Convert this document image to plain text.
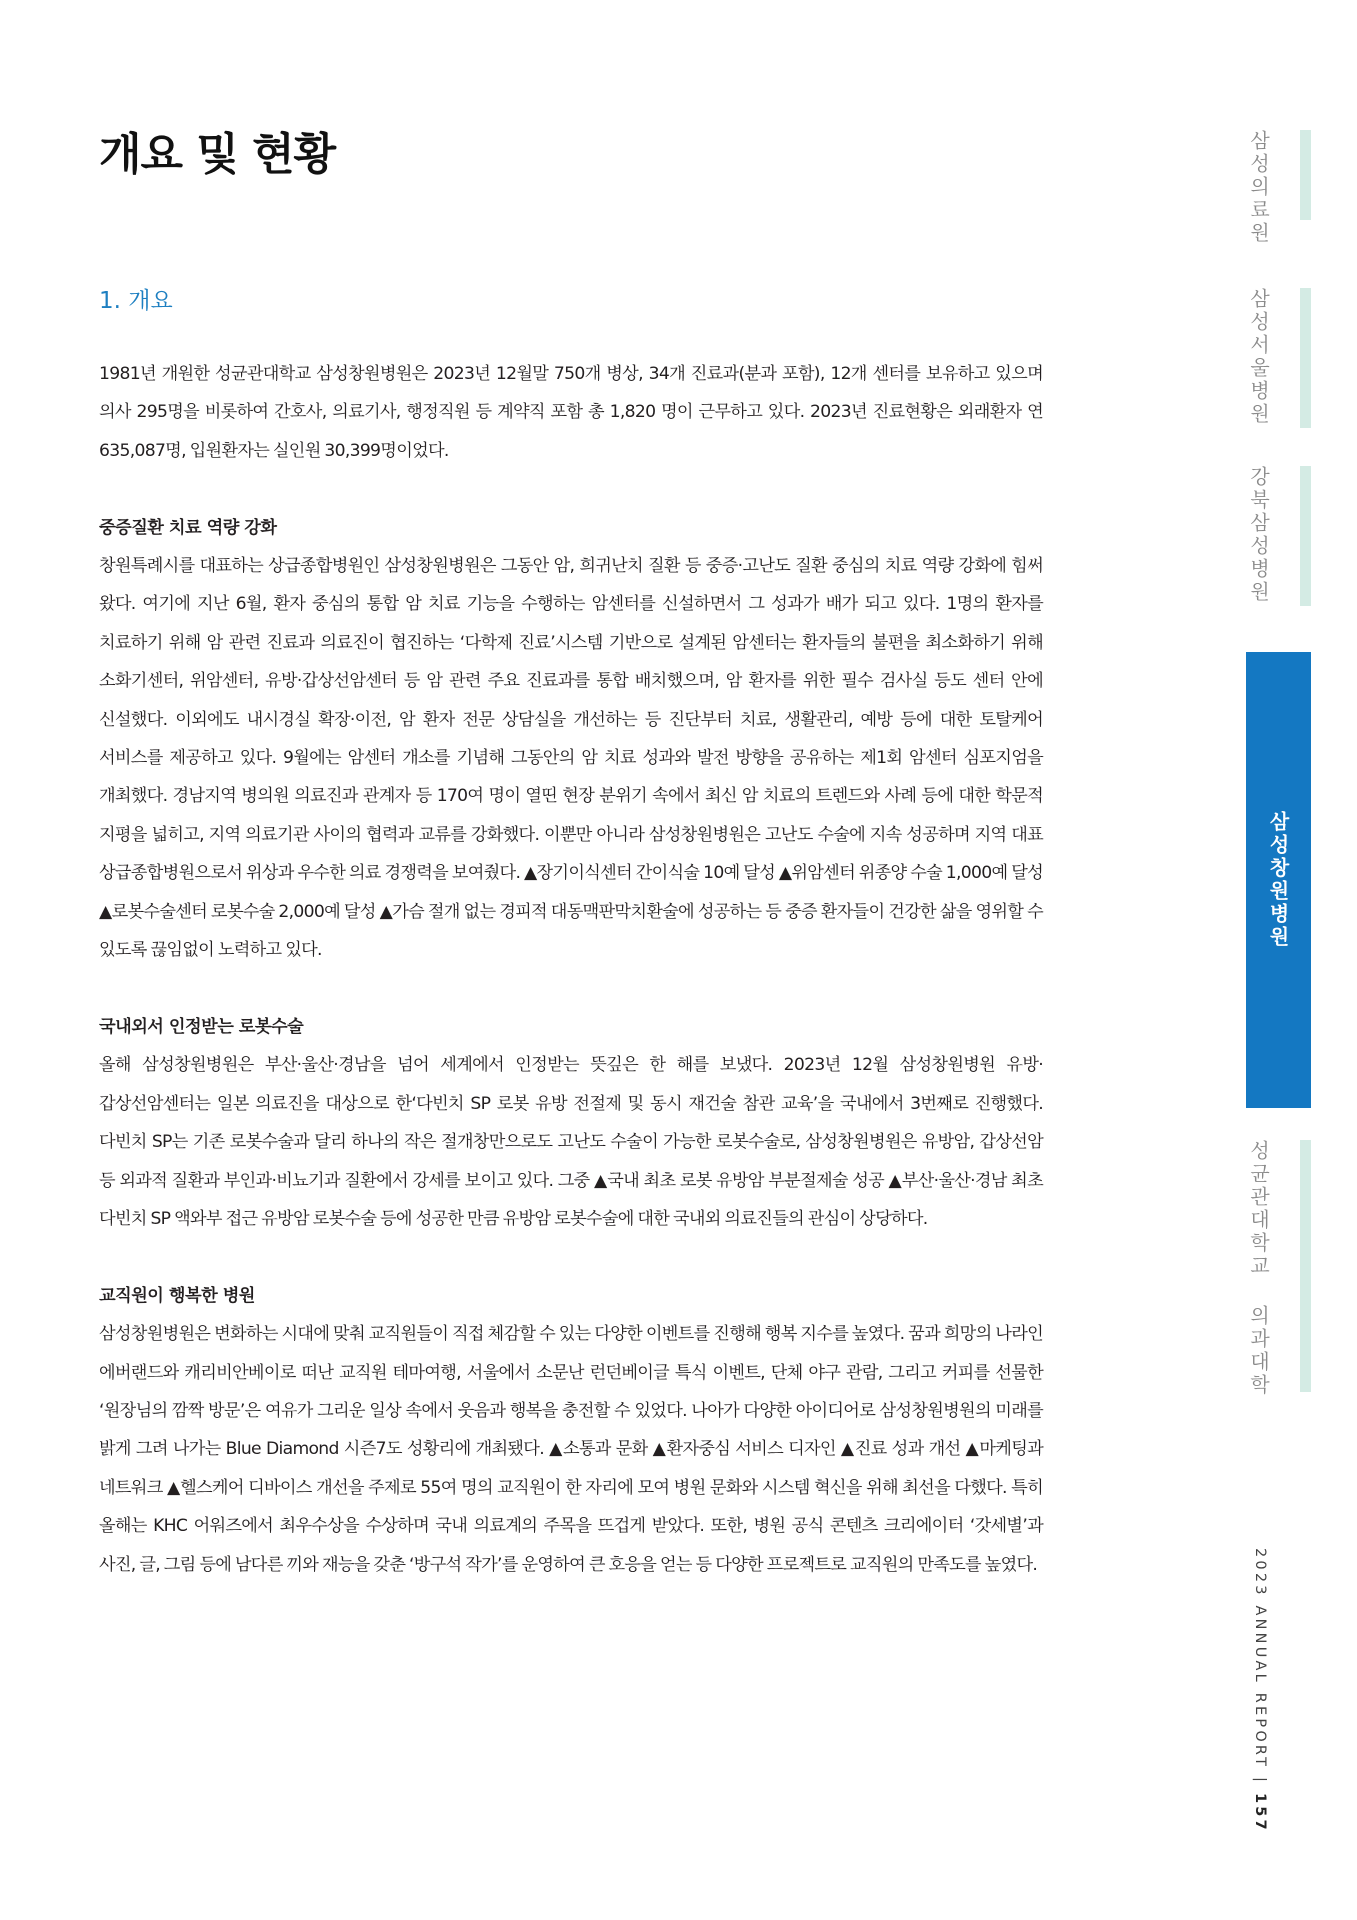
개요 및 현황
1. 개요

1981년 개원한 성균관대학교 삼성창원병원은 2023년 12월말 750개 병상, 34개 진료과(분과 포함), 12개 센터를 보유하고 있으며 의사 295명을 비롯하여 간호사, 의료기사, 행정직원 등 계약직 포함 총 1,820 명이 근무하고 있다. 2023년 진료현황은 외래환자 연 635,087명, 입원환자는 실인원 30,399명이었다.

중증질환 치료 역량 강화

창원특례시를 대표하는 상급종합병원인 삼성창원병원은 그동안 암, 희귀난치 질환 등 중증·고난도 질환 중심의 치료 역량 강화에 힘써 왔다. 여기에 지난 6월, 환자 중심의 통합 암 치료 기능을 수행하는 암센터를 신설하면서 그 성과가 배가 되고 있다. 1명의 환자를 치료하기 위해 암 관련 진료과 의료진이 협진하는 ‘다학제 진료’시스템 기반으로 설계된 암센터는 환자들의 불편을 최소화하기 위해 소화기센터, 위암센터, 유방·갑상선암센터 등 암 관련 주요 진료과를 통합 배치했으며, 암 환자를 위한 필수 검사실 등도 센터 안에 신설했다. 이외에도 내시경실 확장·이전, 암 환자 전문 상담실을 개선하는 등 진단부터 치료, 생활관리, 예방 등에 대한 토탈케어 서비스를 제공하고 있다. 9월에는 암센터 개소를 기념해 그동안의 암 치료 성과와 발전 방향을 공유하는 제1회 암센터 심포지엄을 개최했다. 경남지역 병의원 의료진과 관계자 등 170여 명이 열띤 현장 분위기 속에서 최신 암 치료의 트렌드와 사례 등에 대한 학문적 지평을 넓히고, 지역 의료기관 사이의 협력과 교류를 강화했다. 이뿐만 아니라 삼성창원병원은 고난도 수술에 지속 성공하며 지역 대표 상급종합병원으로서 위상과 우수한 의료 경쟁력을 보여줬다. ▲장기이식센터 간이식술 10예 달성 ▲위암센터 위종양 수술 1,000예 달성 ▲로봇수술센터 로봇수술 2,000예 달성 ▲가슴 절개 없는 경피적 대동맥판막치환술에 성공하는 등 중증 환자들이 건강한 삶을 영위할 수 있도록 끊임없이 노력하고 있다.

국내외서 인정받는 로봇수술

올해 삼성창원병원은 부산·울산·경남을 넘어 세계에서 인정받는 뜻깊은 한 해를 보냈다. 2023년 12월 삼성창원병원 유방·갑상선암센터는 일본 의료진을 대상으로 한‘다빈치 SP 로봇 유방 전절제 및 동시 재건술 참관 교육’을 국내에서 3번째로 진행했다. 다빈치 SP는 기존 로봇수술과 달리 하나의 작은 절개창만으로도 고난도 수술이 가능한 로봇수술로, 삼성창원병원은 유방암, 갑상선암 등 외과적 질환과 부인과·비뇨기과 질환에서 강세를 보이고 있다. 그중 ▲국내 최초 로봇 유방암 부분절제술 성공 ▲부산·울산·경남 최초 다빈치 SP 액와부 접근 유방암 로봇수술 등에 성공한 만큼 유방암 로봇수술에 대한 국내외 의료진들의 관심이 상당하다.

교직원이 행복한 병원

삼성창원병원은 변화하는 시대에 맞춰 교직원들이 직접 체감할 수 있는 다양한 이벤트를 진행해 행복 지수를 높였다. 꿈과 희망의 나라인 에버랜드와 캐리비안베이로 떠난 교직원 테마여행, 서울에서 소문난 런던베이글 특식 이벤트, 단체 야구 관람, 그리고 커피를 선물한 ‘원장님의 깜짝 방문’은 여유가 그리운 일상 속에서 웃음과 행복을 충전할 수 있었다. 나아가 다양한 아이디어로 삼성창원병원의 미래를 밝게 그려 나가는 Blue Diamond 시즌7도 성황리에 개최됐다. ▲소통과 문화 ▲환자중심 서비스 디자인 ▲진료 성과 개선 ▲마케팅과 네트워크 ▲헬스케어 디바이스 개선을 주제로 55여 명의 교직원이 한 자리에 모여 병원 문화와 시스템 혁신을 위해 최선을 다했다. 특히 올해는 KHC 어워즈에서 최우수상을 수상하며 국내 의료계의 주목을 뜨겁게 받았다. 또한, 병원 공식 콘텐츠 크리에이터 ‘갓세별’과 사진, 글, 그림 등에 남다른 끼와 재능을 갖춘 ‘방구석 작가’를 운영하여 큰 호응을 얻는 등 다양한 프로젝트로 교직원의 만족도를 높였다.

삼성의료원
삼성서울병원
강북삼성병원
삼성창원병원
성균관대학교 의과대학
2023 ANNUAL REPORT | 157
